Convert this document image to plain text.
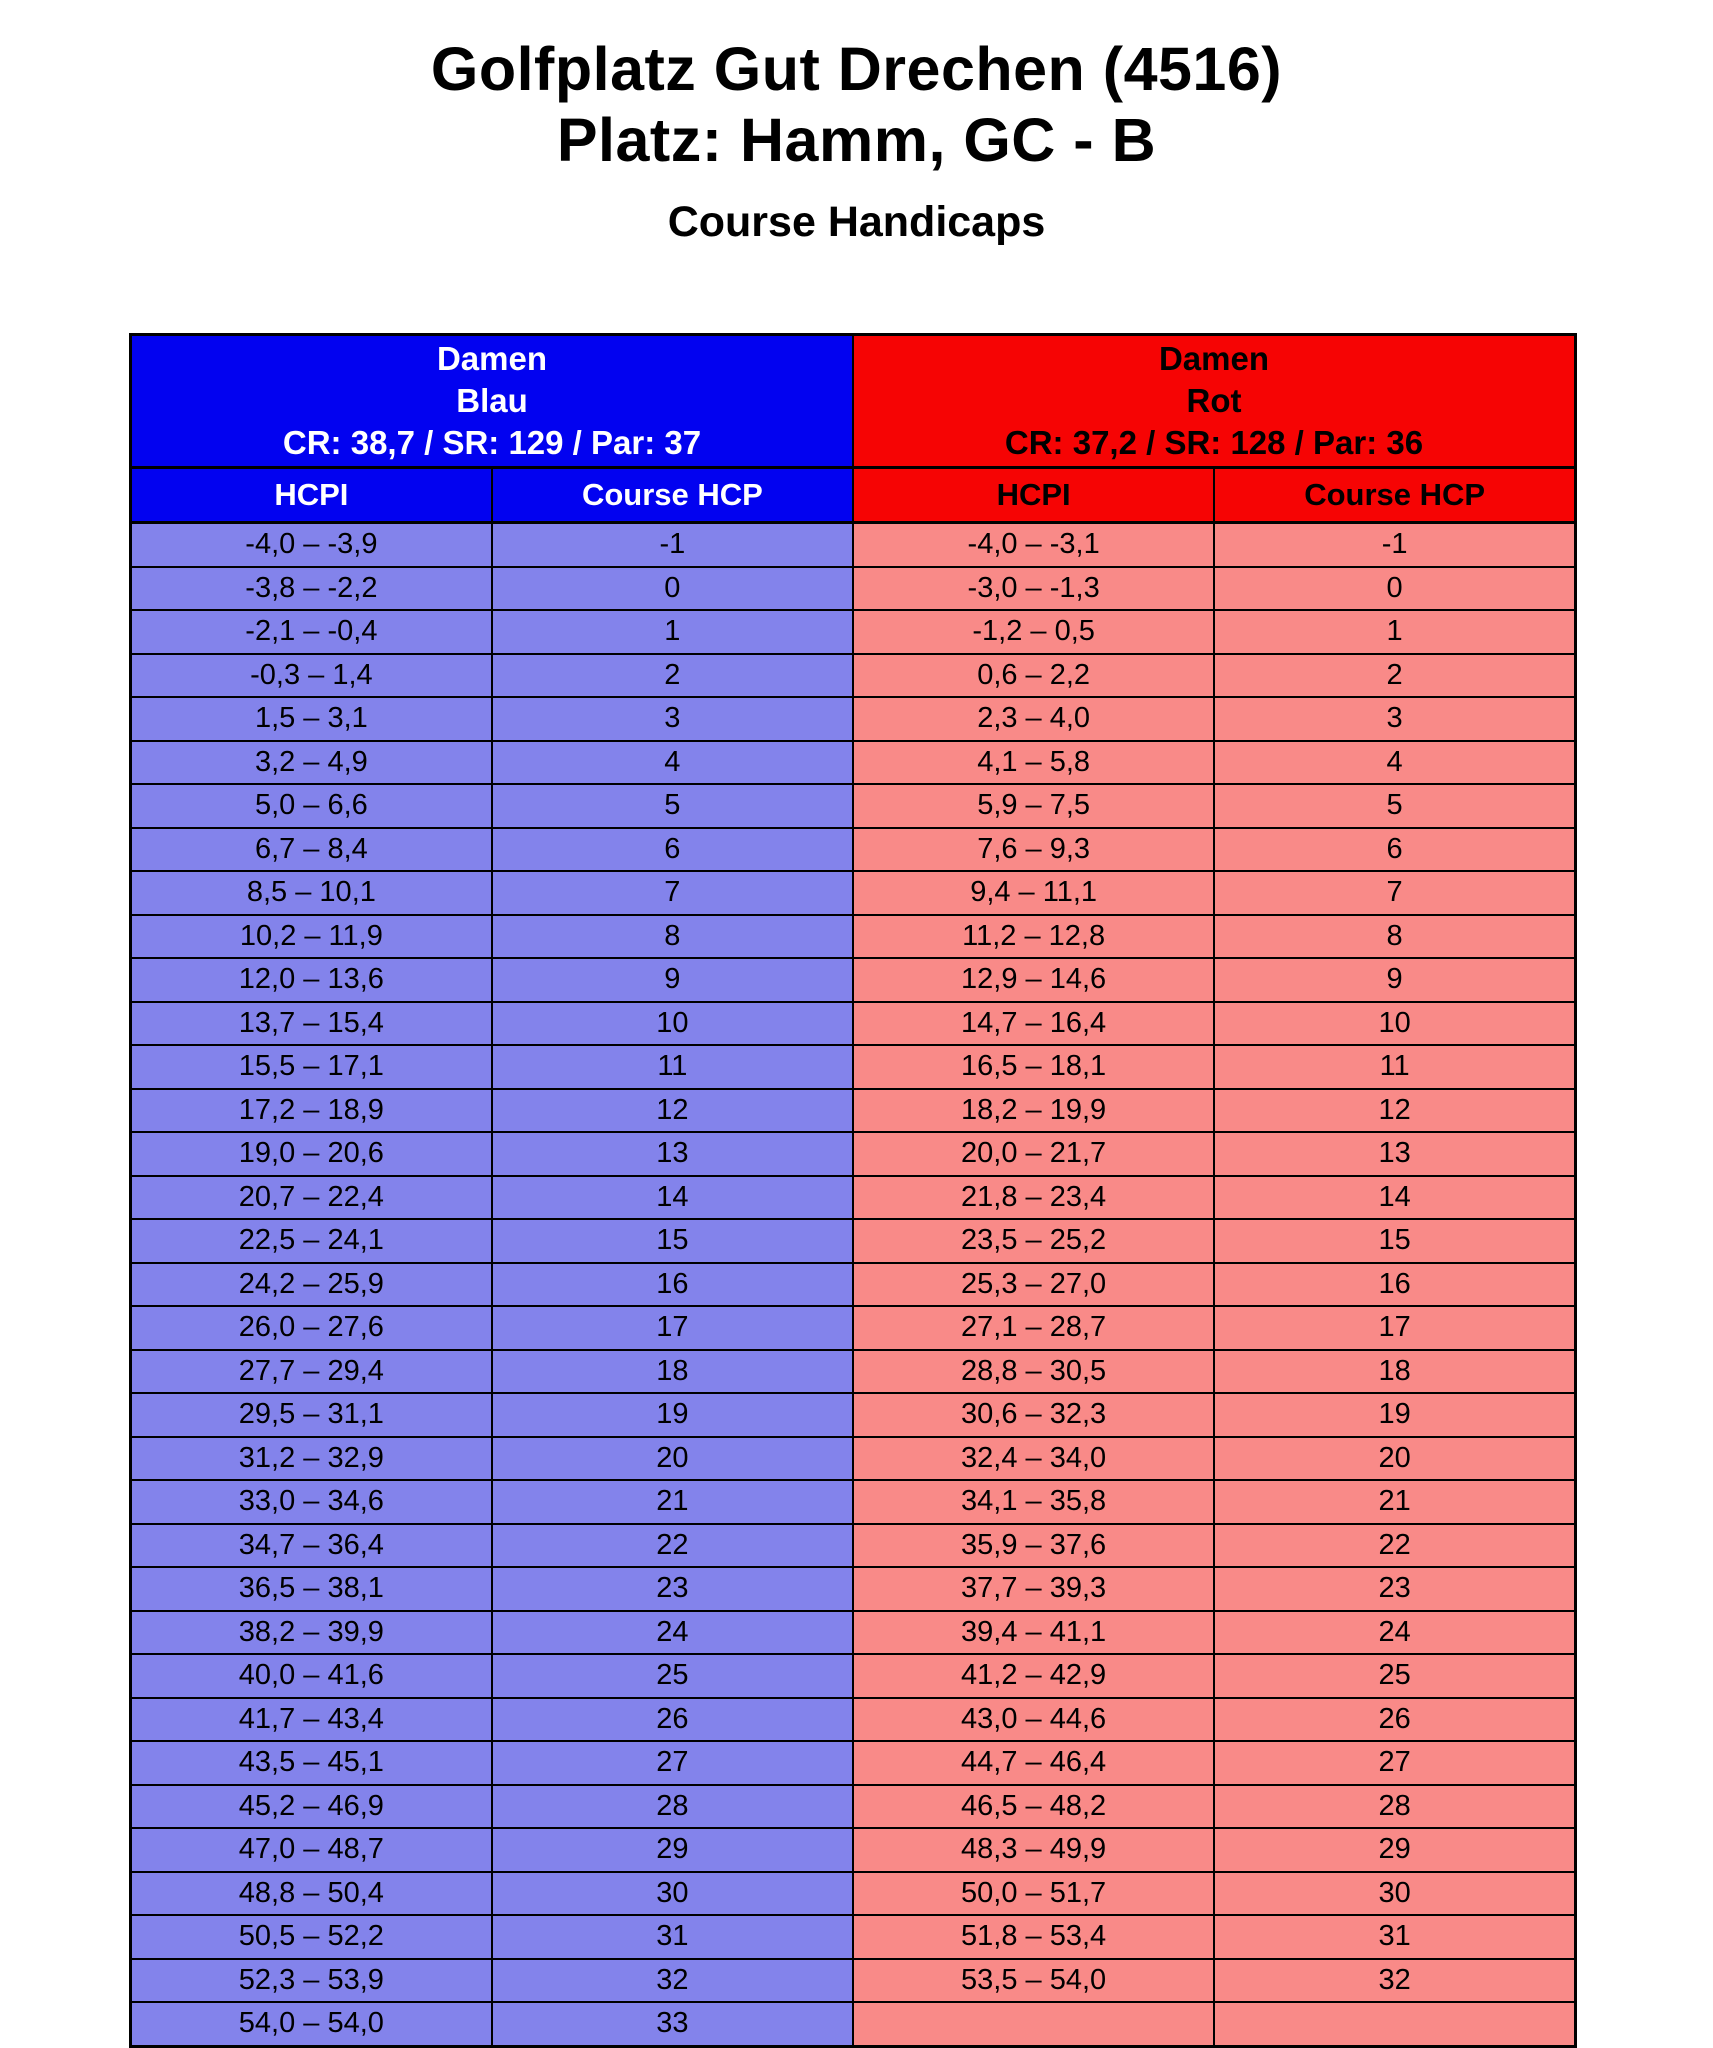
Golfplatz Gut Drechen (4516)
Platz: Hamm, GC - B
Course Handicaps
Damen
Blau
CR: 38,7 / SR: 129 / Par: 37

Damen
Rot
CR: 37,2 / SR: 128 / Par: 36

HCPI	Course HCP	HCPI	Course HCP
-4,0 – -3,9	-1	-4,0 – -3,1	-1
-3,8 – -2,2	0	-3,0 – -1,3	0
-2,1 – -0,4	1	-1,2 – 0,5	1
-0,3 – 1,4	2	0,6 – 2,2	2
1,5 – 3,1	3	2,3 – 4,0	3
3,2 – 4,9	4	4,1 – 5,8	4
5,0 – 6,6	5	5,9 – 7,5	5
6,7 – 8,4	6	7,6 – 9,3	6
8,5 – 10,1	7	9,4 – 11,1	7
10,2 – 11,9	8	11,2 – 12,8	8
12,0 – 13,6	9	12,9 – 14,6	9
13,7 – 15,4	10	14,7 – 16,4	10
15,5 – 17,1	11	16,5 – 18,1	11
17,2 – 18,9	12	18,2 – 19,9	12
19,0 – 20,6	13	20,0 – 21,7	13
20,7 – 22,4	14	21,8 – 23,4	14
22,5 – 24,1	15	23,5 – 25,2	15
24,2 – 25,9	16	25,3 – 27,0	16
26,0 – 27,6	17	27,1 – 28,7	17
27,7 – 29,4	18	28,8 – 30,5	18
29,5 – 31,1	19	30,6 – 32,3	19
31,2 – 32,9	20	32,4 – 34,0	20
33,0 – 34,6	21	34,1 – 35,8	21
34,7 – 36,4	22	35,9 – 37,6	22
36,5 – 38,1	23	37,7 – 39,3	23
38,2 – 39,9	24	39,4 – 41,1	24
40,0 – 41,6	25	41,2 – 42,9	25
41,7 – 43,4	26	43,0 – 44,6	26
43,5 – 45,1	27	44,7 – 46,4	27
45,2 – 46,9	28	46,5 – 48,2	28
47,0 – 48,7	29	48,3 – 49,9	29
48,8 – 50,4	30	50,0 – 51,7	30
50,5 – 52,2	31	51,8 – 53,4	31
52,3 – 53,9	32	53,5 – 54,0	32
54,0 – 54,0	33		
